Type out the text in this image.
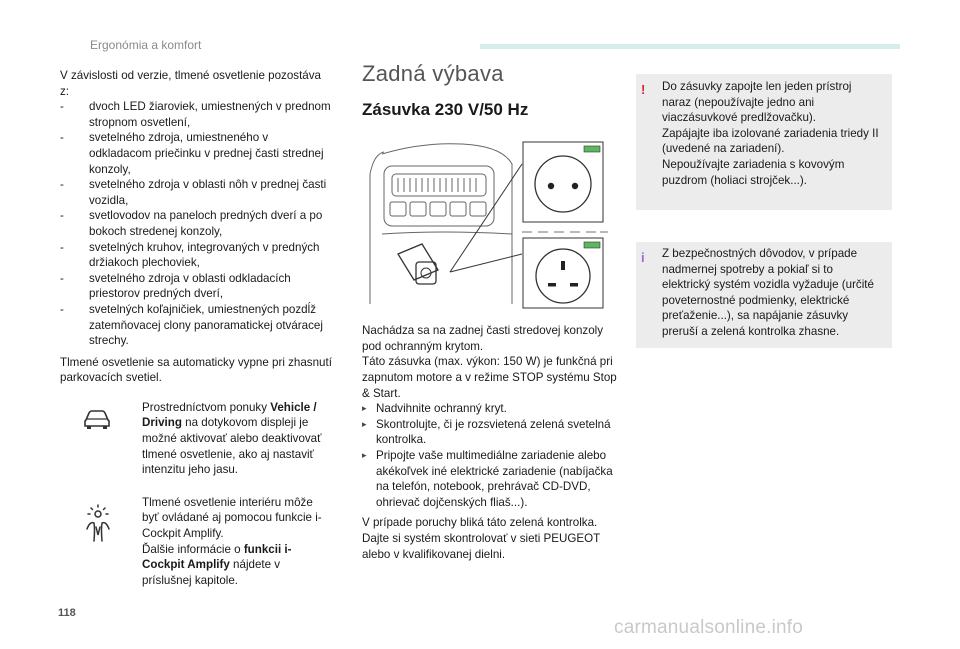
Ergonómia a komfort
V závislosti od verzie, tlmené osvetlenie pozostáva z:
- dvoch LED žiaroviek, umiestnených v prednom stropnom osvetlení,
- svetelného zdroja, umiestneného v odkladacom priečinku v prednej časti strednej konzoly,
- svetelného zdroja v oblasti nôh v prednej časti vozidla,
- svetlovodov na paneloch predných dverí a po bokoch stredenej konzoly,
- svetelných kruhov, integrovaných v predných držiakoch plechoviek,
- svetelného zdroja v oblasti odkladacích priestorov predných dverí,
- svetelných koľajničiek, umiestnených pozdĺž zatemňovacej clony panoramatickej otváracej strechy.
Tlmené osvetlenie sa automaticky vypne pri zhasnutí parkovacích svetiel.
Prostredníctvom ponuky Vehicle / Driving na dotykovom displeji je možné aktivovať alebo deaktivovať tlmené osvetlenie, ako aj nastaviť intenzitu jeho jasu.
Tlmené osvetlenie interiéru môže byť ovládané aj pomocou funkcie i-Cockpit Amplify.
Ďalšie informácie o funkcii i-Cockpit Amplify nájdete v príslušnej kapitole.
Zadná výbava
Zásuvka 230 V/50 Hz
Nachádza sa na zadnej časti stredovej konzoly pod ochranným krytom.
Táto zásuvka (max. výkon: 150 W) je funkčná pri zapnutom motore a v režime STOP systému Stop & Start.
▸ Nadvihnite ochranný kryt.
▸ Skontrolujte, či je rozsvietená zelená svetelná kontrolka.
▸ Pripojte vaše multimediálne zariadenie alebo akékoľvek iné elektrické zariadenie (nabíjačka na telefón, notebook, prehrávač CD-DVD, ohrievač dojčenských fliaš...).
V prípade poruchy bliká táto zelená kontrolka. Dajte si systém skontrolovať v sieti PEUGEOT alebo v kvalifikovanej dielni.
!	Do zásuvky zapojte len jeden prístroj naraz (nepoužívajte jedno ani viaczásuvkové predlžovačku).
Zapájajte iba izolované zariadenia triedy II (uvedené na zariadení).
Nepoužívajte zariadenia s kovovým puzdrom (holiaci strojček...).
i	Z bezpečnostných dôvodov, v prípade nadmernej spotreby a pokiaľ si to elektrický systém vozidla vyžaduje (určité poveternostné podmienky, elektrické preťaženie...), sa napájanie zásuvky preruší a zelená kontrolka zhasne.
118
carmanualsonline.info
